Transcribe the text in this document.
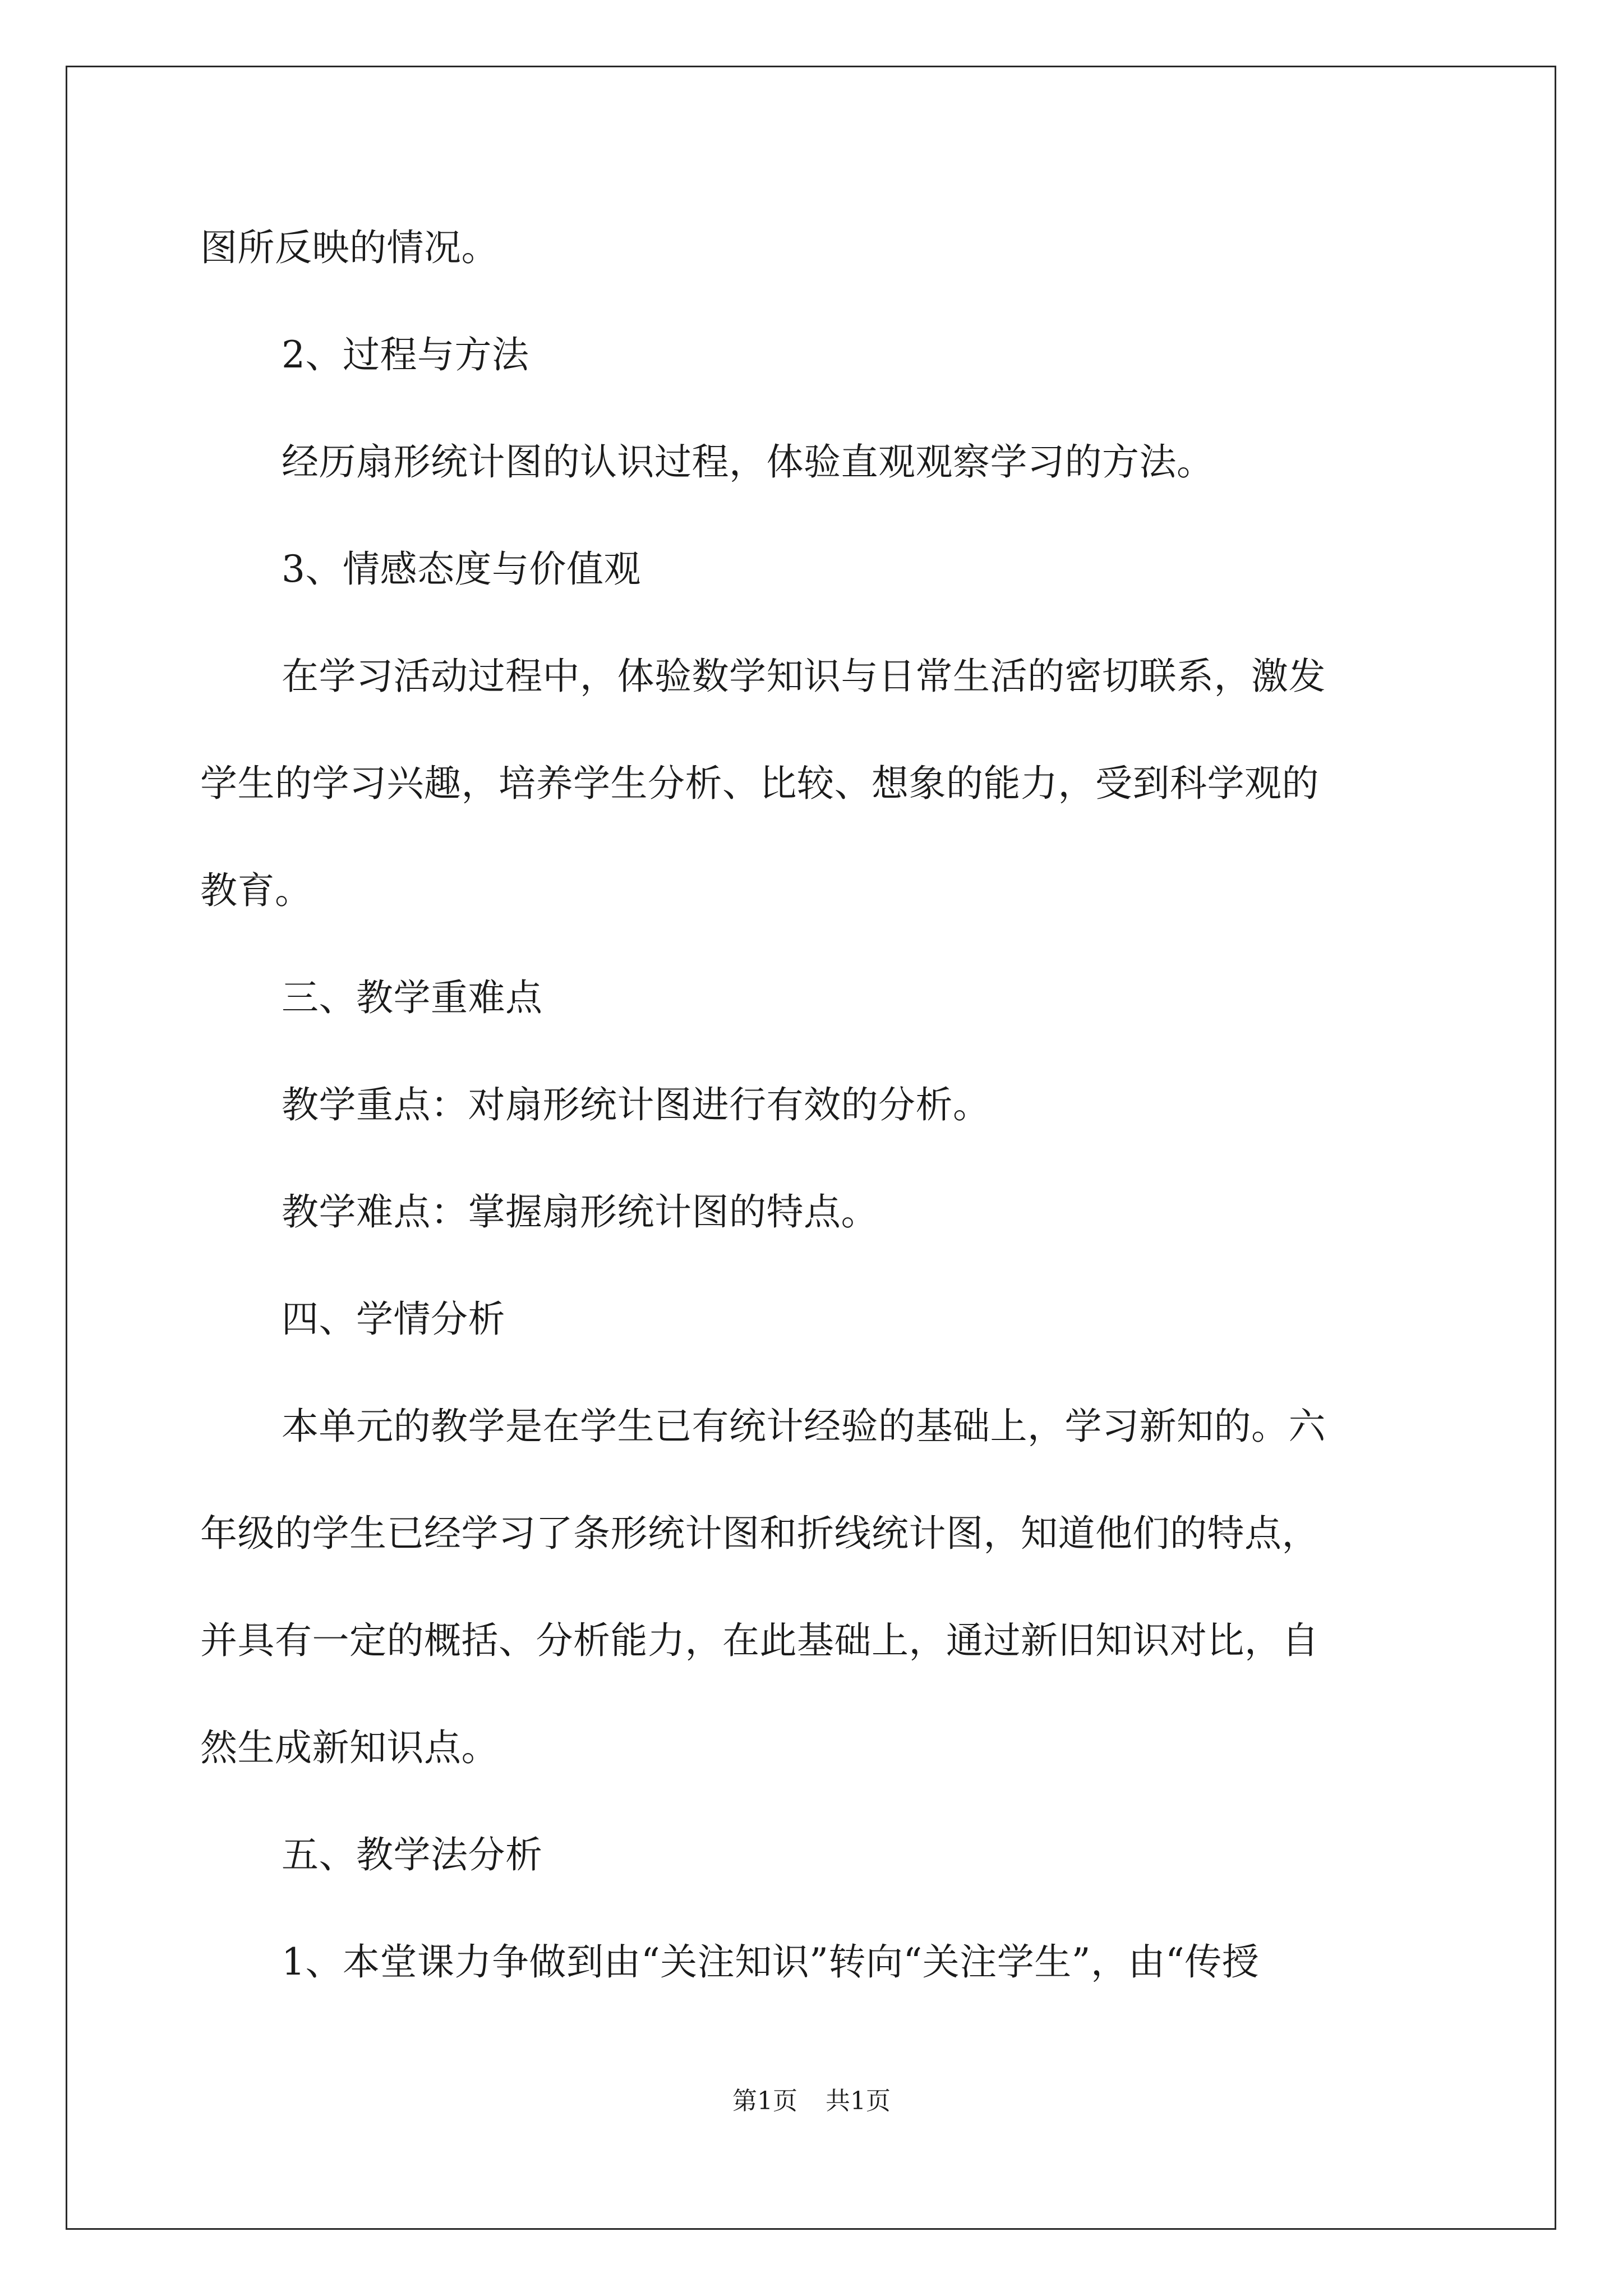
图所反映的情况。
2、过程与方法
经历扇形统计图的认识过程，体验直观观察学习的方法。
3、情感态度与价值观
在学习活动过程中，体验数学知识与日常生活的密切联系，激发
学生的学习兴趣，培养学生分析、比较、想象的能力，受到科学观的
教育。
三、教学重难点
教学重点：对扇形统计图进行有效的分析。
教学难点：掌握扇形统计图的特点。
四、学情分析
本单元的教学是在学生已有统计经验的基础上，学习新知的。六
年级的学生已经学习了条形统计图和折线统计图，知道他们的特点，
并具有一定的概括、分析能力，在此基础上，通过新旧知识对比，自
然生成新知识点。
五、教学法分析
1、本堂课力争做到由“关注知识”转向“关注学生”，由“传授
第1页 共1页
